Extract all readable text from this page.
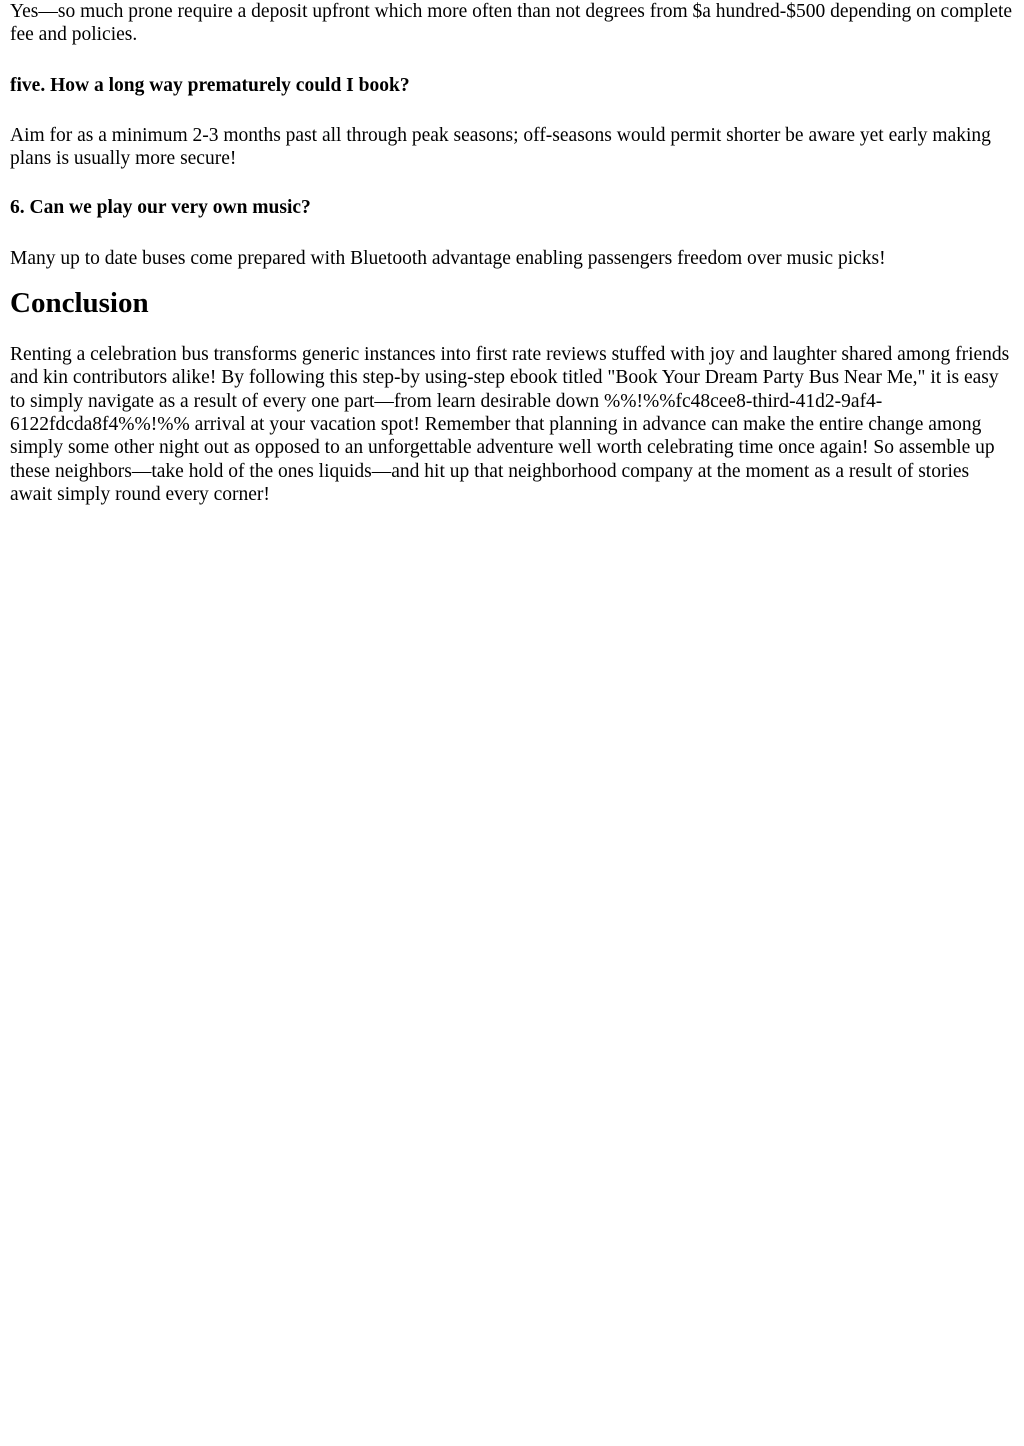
Yes—so much prone require a deposit upfront which more often than not degrees from $a hundred-$500 depending on complete fee and policies.

five. How a long way prematurely could I book?

Aim for as a minimum 2-3 months past all through peak seasons; off-seasons would permit shorter be aware yet early making plans is usually more secure!

6. Can we play our very own music?

Many up to date buses come prepared with Bluetooth advantage enabling passengers freedom over music picks!

Conclusion

Renting a celebration bus transforms generic instances into first rate reviews stuffed with joy and laughter shared among friends and kin contributors alike! By following this step-by using-step ebook titled "Book Your Dream Party Bus Near Me," it is easy to simply navigate as a result of every one part—from learn desirable down %%!%%fc48cee8-third-41d2-9af4-6122fdcda8f4%%!%% arrival at your vacation spot! Remember that planning in advance can make the entire change among simply some other night out as opposed to an unforgettable adventure well worth celebrating time once again! So assemble up these neighbors—take hold of the ones liquids—and hit up that neighborhood company at the moment as a result of stories await simply round every corner!
